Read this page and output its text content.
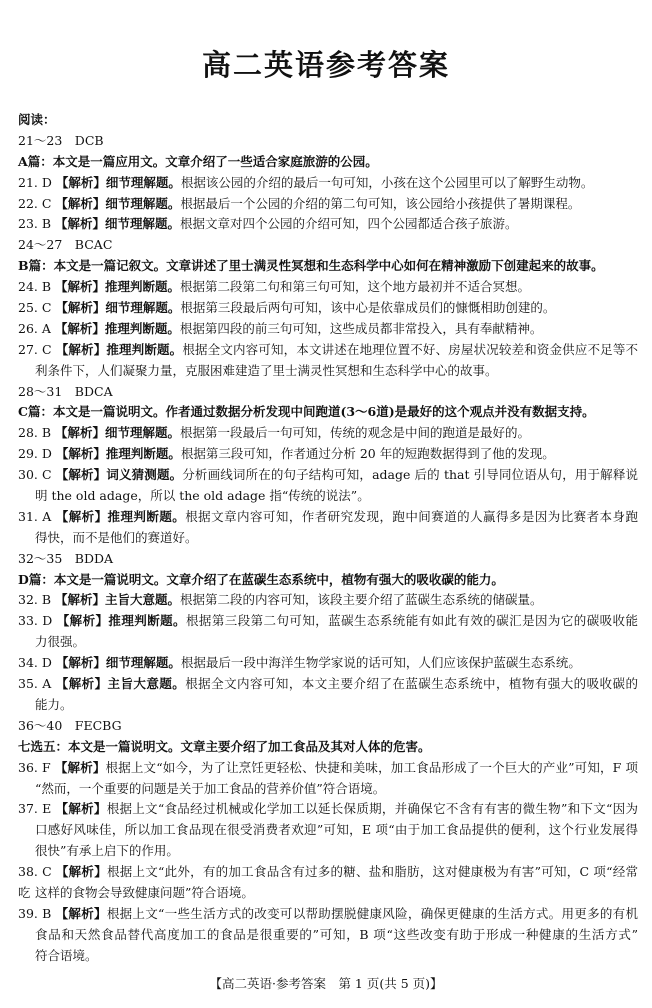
高二英语参考答案
阅读：
21～23　DCB
A篇：本文是一篇应用文。文章介绍了一些适合家庭旅游的公园。
21. D 【解析】细节理解题。根据该公园的介绍的最后一句可知，小孩在这个公园里可以了解野生动物。
22. C 【解析】细节理解题。根据最后一个公园的介绍的第二句可知，该公园给小孩提供了暑期课程。
23. B 【解析】细节理解题。根据文章对四个公园的介绍可知，四个公园都适合孩子旅游。
24～27　BCAC
B篇：本文是一篇记叙文。文章讲述了里士满灵性冥想和生态科学中心如何在精神激励下创建起来的故事。
24. B 【解析】推理判断题。根据第二段第二句和第三句可知，这个地方最初并不适合冥想。
25. C 【解析】细节理解题。根据第三段最后两句可知，该中心是依靠成员们的慷慨相助创建的。
26. A 【解析】推理判断题。根据第四段的前三句可知，这些成员都非常投入，具有奉献精神。
27. C 【解析】推理判断题。根据全文内容可知，本文讲述在地理位置不好、房屋状况较差和资金供应不足等不
利条件下，人们凝聚力量，克服困难建造了里士满灵性冥想和生态科学中心的故事。
28～31　BDCA
C篇：本文是一篇说明文。作者通过数据分析发现中间跑道(3～6道)是最好的这个观点并没有数据支持。
28. B 【解析】细节理解题。根据第一段最后一句可知，传统的观念是中间的跑道是最好的。
29. D 【解析】推理判断题。根据第三段可知，作者通过分析 20 年的短跑数据得到了他的发现。
30. C 【解析】词义猜测题。分析画线词所在的句子结构可知，adage 后的 that 引导同位语从句，用于解释说
明 the old adage，所以 the old adage 指“传统的说法”。
31. A 【解析】推理判断题。根据文章内容可知，作者研究发现，跑中间赛道的人赢得多是因为比赛者本身跑
得快，而不是他们的赛道好。
32～35　BDDA
D篇：本文是一篇说明文。文章介绍了在蓝碳生态系统中，植物有强大的吸收碳的能力。
32. B 【解析】主旨大意题。根据第二段的内容可知，该段主要介绍了蓝碳生态系统的储碳量。
33. D 【解析】推理判断题。根据第三段第二句可知，蓝碳生态系统能有如此有效的碳汇是因为它的碳吸收能
力很强。
34. D 【解析】细节理解题。根据最后一段中海洋生物学家说的话可知，人们应该保护蓝碳生态系统。
35. A 【解析】主旨大意题。根据全文内容可知，本文主要介绍了在蓝碳生态系统中，植物有强大的吸收碳的
能力。
36～40　FECBG
七选五：本文是一篇说明文。文章主要介绍了加工食品及其对人体的危害。
36. F 【解析】根据上文“如今，为了让烹饪更轻松、快捷和美味，加工食品形成了一个巨大的产业”可知，F 项
“然而，一个重要的问题是关于加工食品的营养价值”符合语境。
37. E 【解析】根据上文“食品经过机械或化学加工以延长保质期，并确保它不含有有害的微生物”和下文“因为
口感好风味佳，所以加工食品现在很受消费者欢迎”可知，E 项“由于加工食品提供的便利，这个行业发展得
很快”有承上启下的作用。
38. C 【解析】根据上文“此外，有的加工食品含有过多的糖、盐和脂肪，这对健康极为有害”可知，C 项“经常吃 这样的食物会导致健康问题”符合语境。
39. B 【解析】根据上文“一些生活方式的改变可以帮助摆脱健康风险，确保更健康的生活方式。用更多的有机
食品和天然食品替代高度加工的食品是很重要的”可知，B 项“这些改变有助于形成一种健康的生活方式”
符合语境。
【高二英语·参考答案　第 1 页(共 5 页)】
